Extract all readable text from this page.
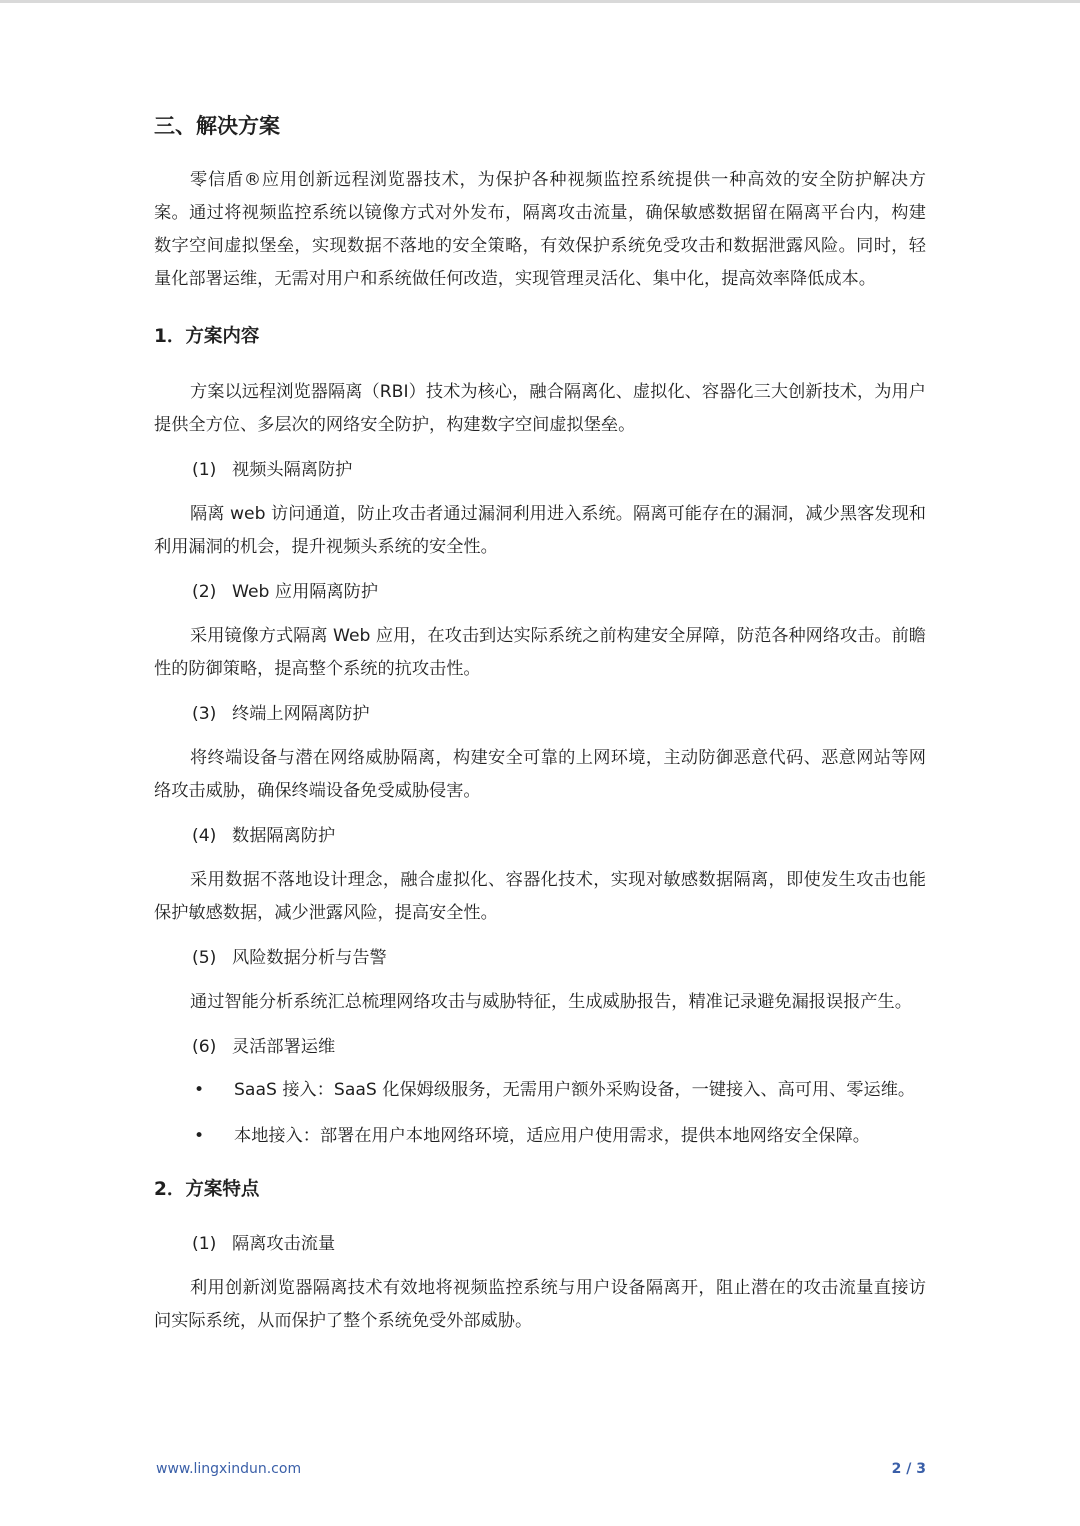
三、解决方案

零信盾®应用创新远程浏览器技术，为保护各种视频监控系统提供一种高效的安全防护解决方案。通过将视频监控系统以镜像方式对外发布，隔离攻击流量，确保敏感数据留在隔离平台内，构建数字空间虚拟堡垒，实现数据不落地的安全策略，有效保护系统免受攻击和数据泄露风险。同时，轻量化部署运维，无需对用户和系统做任何改造，实现管理灵活化、集中化，提高效率降低成本。

1．方案内容

方案以远程浏览器隔离（RBI）技术为核心，融合隔离化、虚拟化、容器化三大创新技术，为用户提供全方位、多层次的网络安全防护，构建数字空间虚拟堡垒。

(1) 视频头隔离防护

隔离 web 访问通道，防止攻击者通过漏洞利用进入系统。隔离可能存在的漏洞，减少黑客发现和利用漏洞的机会，提升视频头系统的安全性。

(2) Web 应用隔离防护

采用镜像方式隔离 Web 应用，在攻击到达实际系统之前构建安全屏障，防范各种网络攻击。前瞻性的防御策略，提高整个系统的抗攻击性。

(3) 终端上网隔离防护

将终端设备与潜在网络威胁隔离，构建安全可靠的上网环境，主动防御恶意代码、恶意网站等网络攻击威胁，确保终端设备免受威胁侵害。

(4) 数据隔离防护

采用数据不落地设计理念，融合虚拟化、容器化技术，实现对敏感数据隔离，即使发生攻击也能保护敏感数据，减少泄露风险，提高安全性。

(5) 风险数据分析与告警

通过智能分析系统汇总梳理网络攻击与威胁特征，生成威胁报告，精准记录避免漏报误报产生。

(6) 灵活部署运维
• SaaS 接入：SaaS 化保姆级服务，无需用户额外采购设备，一键接入、高可用、零运维。
• 本地接入：部署在用户本地网络环境，适应用户使用需求，提供本地网络安全保障。
2．方案特点
(1) 隔离攻击流量

利用创新浏览器隔离技术有效地将视频监控系统与用户设备隔离开，阻止潜在的攻击流量直接访问实际系统，从而保护了整个系统免受外部威胁。

www.lingxindun.com	2 / 3
